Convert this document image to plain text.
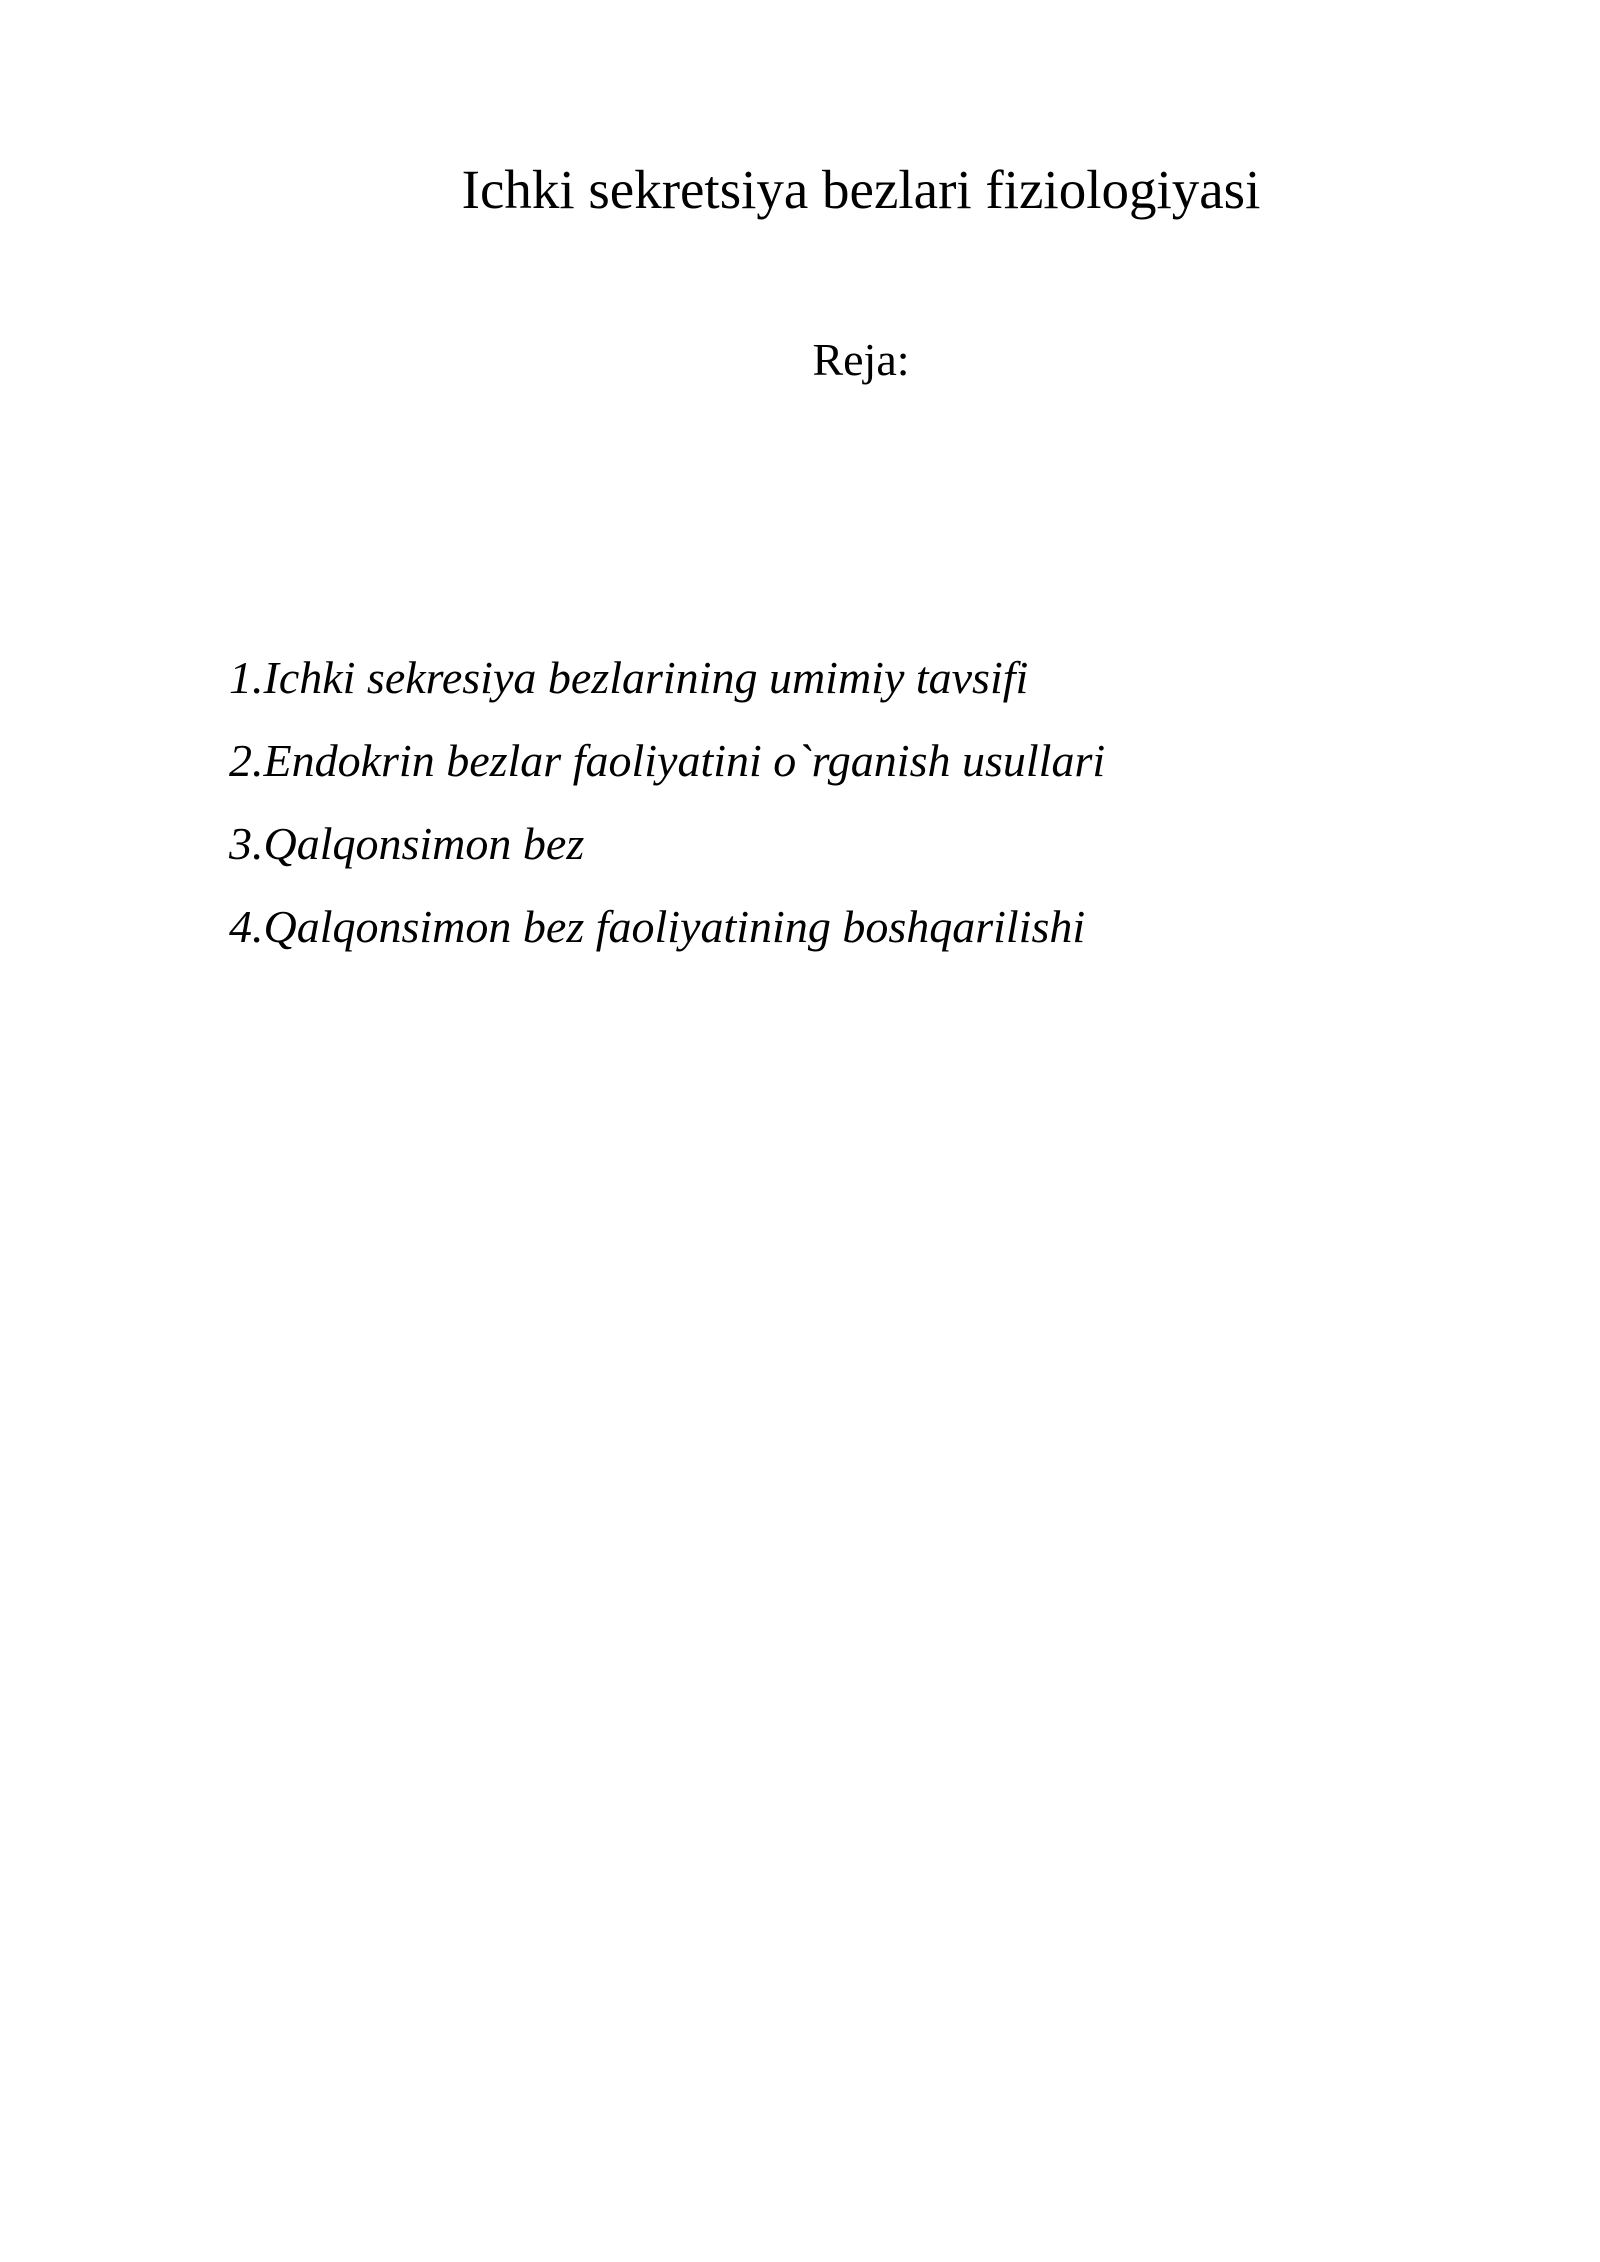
Ichki sekretsiya bezlari fiziologiyasi
Reja:
1.Ichki sekresiya bezlarining umimiy tavsifi
2.Endokrin bezlar faoliyatini o`rganish usullari
3.Qalqonsimon bez
4.Qalqonsimon bez faoliyatining boshqarilishi
